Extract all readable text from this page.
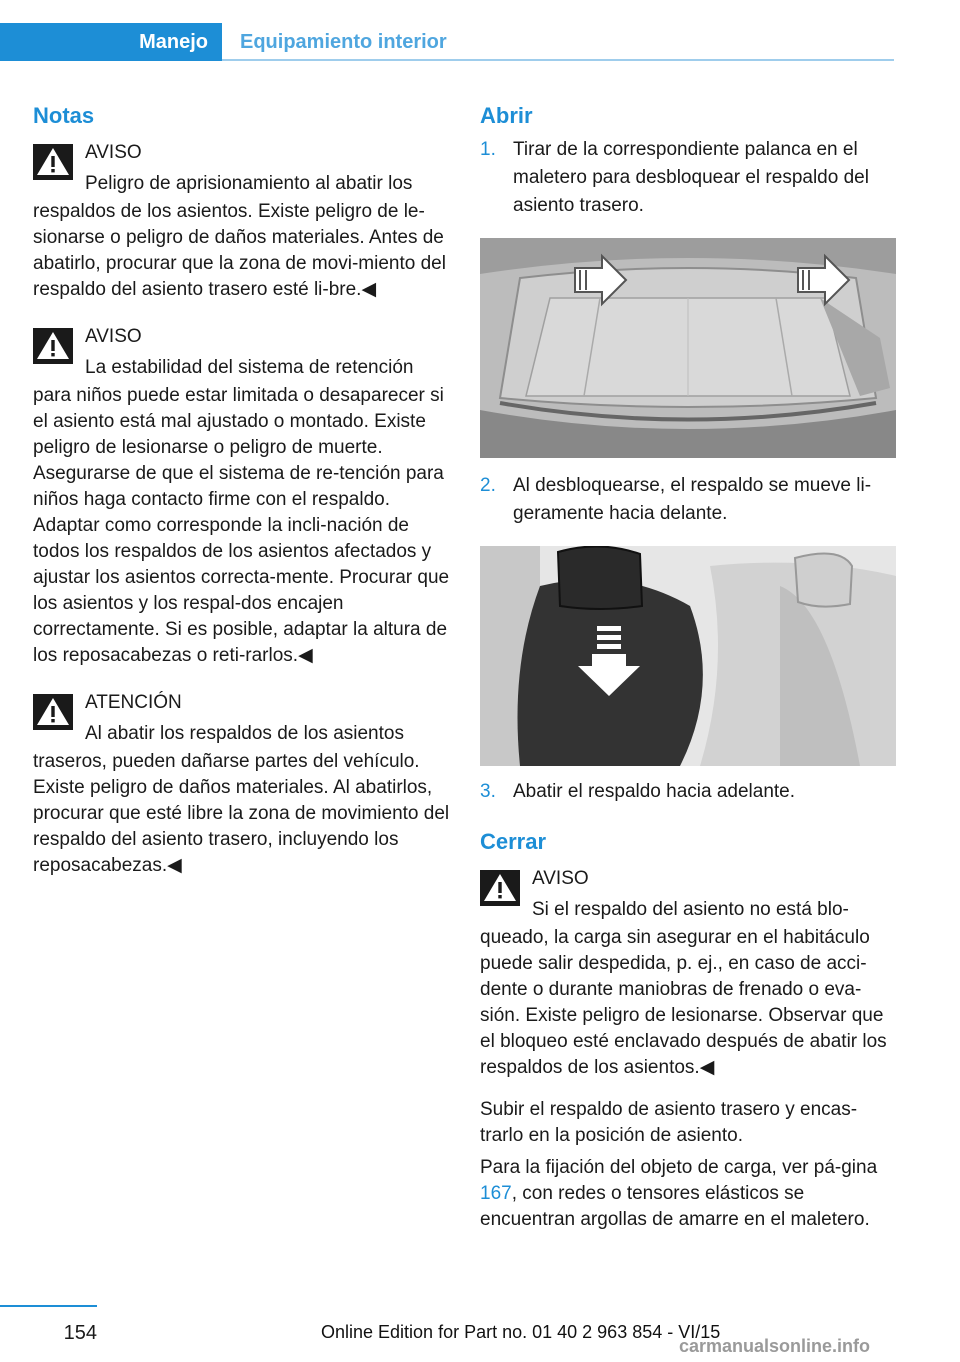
Manejo	Equipamiento interior
Notas
AVISO
Peligro de aprisionamiento al abatir los
respaldos de los asientos. Existe peligro de le-sionarse o peligro de daños materiales. Antes de abatirlo, procurar que la zona de movi-miento del respaldo del asiento trasero esté li-bre.◀
AVISO
La estabilidad del sistema de retención
para niños puede estar limitada o desaparecer si el asiento está mal ajustado o montado. Existe peligro de lesionarse o peligro de muerte. Asegurarse de que el sistema de re-tención para niños haga contacto firme con el respaldo. Adaptar como corresponde la incli-nación de todos los respaldos de los asientos afectados y ajustar los asientos correcta-mente. Procurar que los asientos y los respal-dos encajen correctamente. Si es posible, adaptar la altura de los reposacabezas o reti-rarlos.◀
ATENCIÓN
Al abatir los respaldos de los asientos
traseros, pueden dañarse partes del vehículo. Existe peligro de daños materiales. Al abatirlos, procurar que esté libre la zona de movimiento del respaldo del asiento trasero, incluyendo los reposacabezas.◀
Abrir
1. Tirar de la correspondiente palanca en el maletero para desbloquear el respaldo del asiento trasero.
2. Al desbloquearse, el respaldo se mueve li-geramente hacia delante.
3. Abatir el respaldo hacia adelante.
Cerrar
AVISO
Si el respaldo del asiento no está blo-
queado, la carga sin asegurar en el habitáculo puede salir despedida, p. ej., en caso de acci-dente o durante maniobras de frenado o eva-sión. Existe peligro de lesionarse. Observar que el bloqueo esté enclavado después de abatir los respaldos de los asientos.◀

Subir el respaldo de asiento trasero y encas-trarlo en la posición de asiento.

Para la fijación del objeto de carga, ver pá-gina 167, con redes o tensores elásticos se encuentran argollas de amarre en el maletero.

154	Online Edition for Part no. 01 40 2 963 854 - VI/15
carmanualsonline.info
